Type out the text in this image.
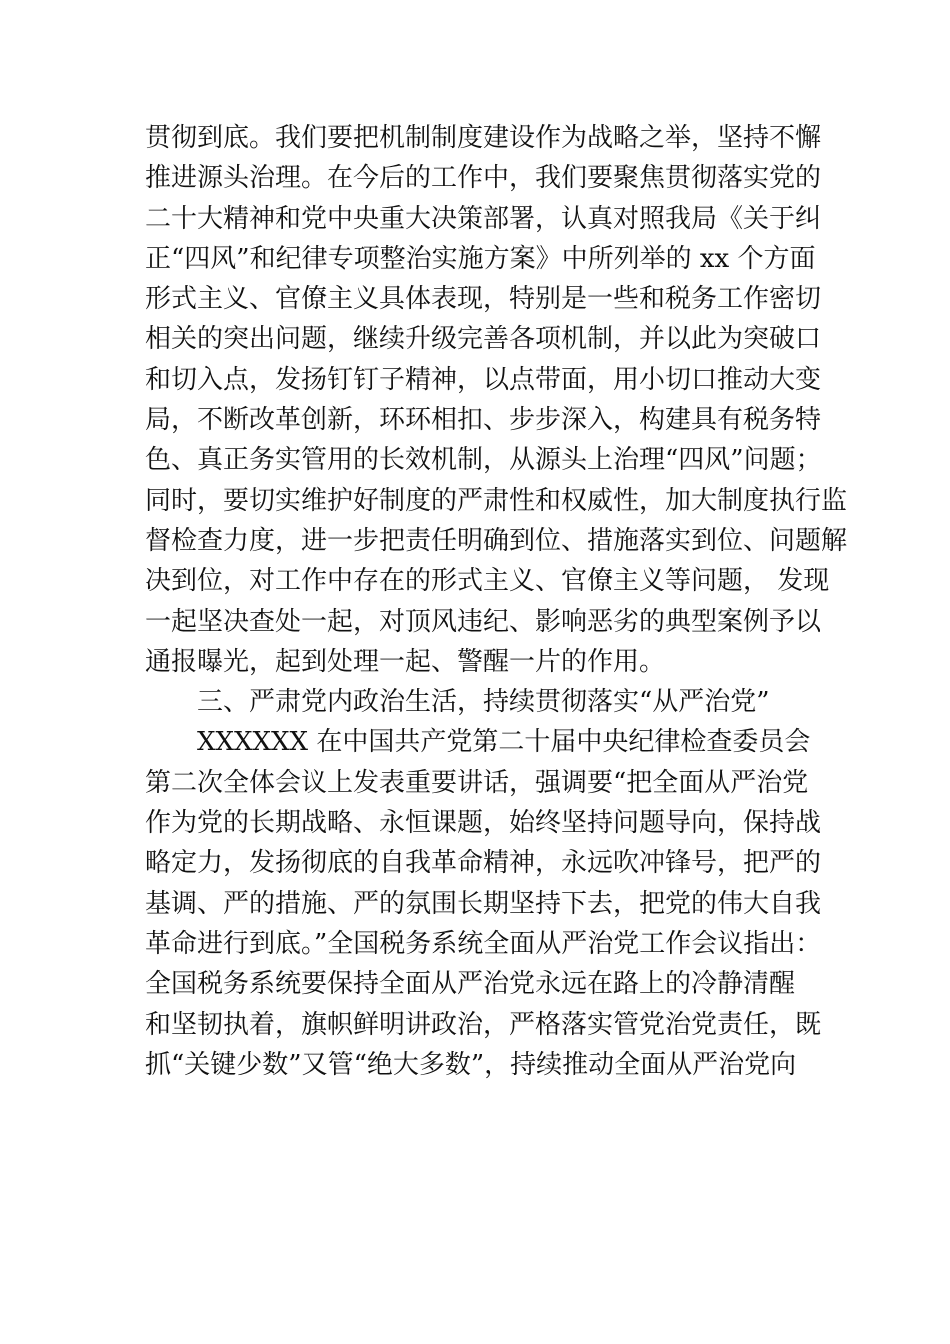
贯彻到底。我们要把机制制度建设作为战略之举，坚持不懈
推进源头治理。在今后的工作中，我们要聚焦贯彻落实党的
二十大精神和党中央重大决策部署，认真对照我局《关于纠
正“四风”和纪律专项整治实施方案》中所列举的 xx 个方面
形式主义、官僚主义具体表现，特别是一些和税务工作密切
相关的突出问题，继续升级完善各项机制，并以此为突破口
和切入点，发扬钉钉子精神，以点带面，用小切口推动大变
局，不断改革创新，环环相扣、步步深入，构建具有税务特
色、真正务实管用的长效机制，从源头上治理“四风”问题；
同时，要切实维护好制度的严肃性和权威性，加大制度执行监
督检查力度，进一步把责任明确到位、措施落实到位、问题解
决到位，对工作中存在的形式主义、官僚主义等问题， 发现
一起坚决查处一起，对顶风违纪、影响恶劣的典型案例予以
通报曝光，起到处理一起、警醒一片的作用。
三、严肃党内政治生活，持续贯彻落实“从严治党”
XXXXXX 在中国共产党第二十届中央纪律检查委员会
第二次全体会议上发表重要讲话，强调要“把全面从严治党
作为党的长期战略、永恒课题，始终坚持问题导向，保持战
略定力，发扬彻底的自我革命精神，永远吹冲锋号，把严的
基调、严的措施、严的氛围长期坚持下去，把党的伟大自我
革命进行到底。”全国税务系统全面从严治党工作会议指出：
全国税务系统要保持全面从严治党永远在路上的冷静清醒
和坚韧执着，旗帜鲜明讲政治，严格落实管党治党责任，既
抓“关键少数”又管“绝大多数”，持续推动全面从严治党向
